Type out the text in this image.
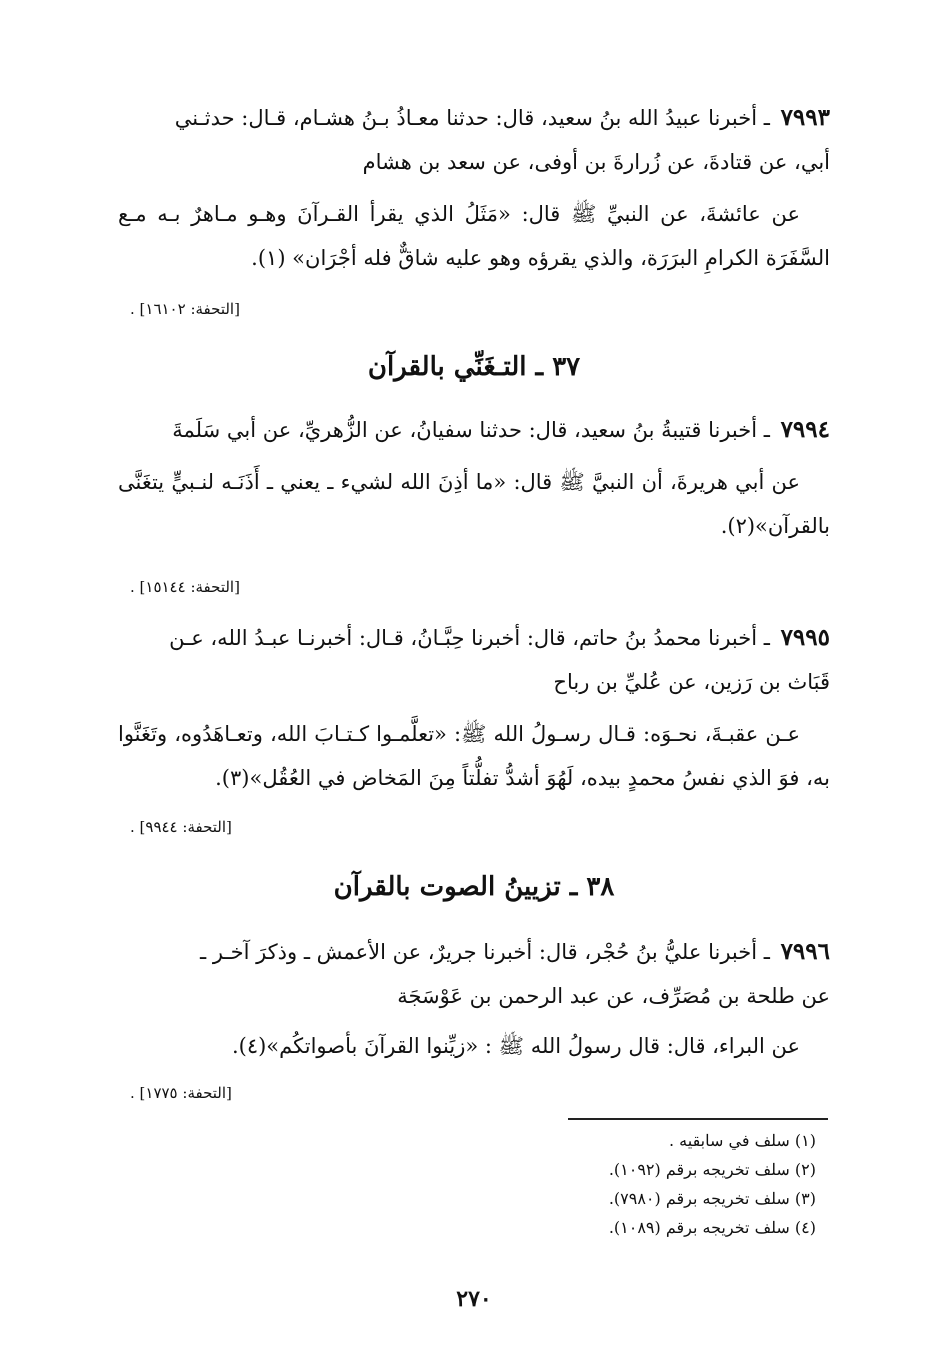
٧٩٩٣ ـ أخبرنا عبيدُ الله بنُ سعيد، قال: حدثنا معـاذُ بـنُ هشـام، قـال: حدثـني

أبي، عن قتادةَ، عن زُرارةَ بن أوفى، عن سعد بن هشام

عن عائشةَ، عن النبيِّ ﷺ قال: «مَثَلُ الذي يقرأ القـرآنَ وهـو مـاهرٌ بـه مـع السَّفَرَة الكرامِ البرَرَة، والذي يقرؤه وهو عليه شاقٌّ فله أجْرَان» (١).

[التحفة: ١٦١٠٢] .
٣٧ ـ التـغَنِّي بالقرآن

٧٩٩٤ ـ أخبرنا قتيبةُ بنُ سعيد، قال: حدثنا سفيانُ، عن الزُّهريِّ، عن أبي سَلَمةَ

عن أبي هريرةَ، أن النبيَّ ﷺ قال: «ما أذِنَ الله لشيء ـ يعني ـ أَذَنَـه لنـبيٍّ يتغَنَّى بالقرآن»(٢).

[التحفة: ١٥١٤٤] .

٧٩٩٥ ـ أخبرنا محمدُ بنُ حاتم، قال: أخبرنا حِبَّـانُ، قـال: أخبرنـا عبـدُ الله، عـن

قَبَاث بن رَزين، عن عُليِّ بن رباح

عـن عقبـةَ، نحـوَه: قـال رسـولُ الله ﷺ: «تعلَّمـوا كـتـابَ الله، وتعـاهَدُوه، وتَغَنَّوا به، فوَ الذي نفسُ محمدٍ بيده، لَهُوَ أشدُّ تفلُّتاً مِنَ المَخاض في العُقُل»(٣).

[التحفة: ٩٩٤٤] .
٣٨ ـ تزيينُ الصوت بالقرآن

٧٩٩٦ ـ أخبرنا عليُّ بنُ حُجْر، قال: أخبرنا جريرٌ، عن الأعمش ـ وذكرَ آخـر ـ

عن طلحة بن مُصَرِّف، عن عبد الرحمن بن عَوْسَجَة

عن البراء، قال: قال رسولُ الله ﷺ : «زيِّنوا القرآنَ بأصواتكُم»(٤).

[التحفة: ١٧٧٥] .
(١) سلف في سابقيه .
(٢) سلف تخريجه برقم (١٠٩٢).
(٣) سلف تخريجه برقم (٧٩٨٠).
(٤) سلف تخريجه برقم (١٠٨٩).
٢٧٠
